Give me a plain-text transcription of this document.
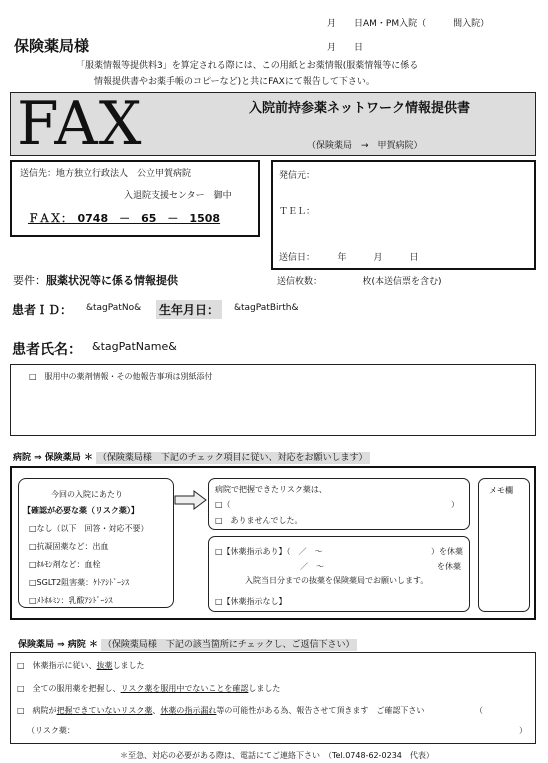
月　　日AM・PM入院（　　　間入院）
月　　日
保険薬局様
「服薬情報等提供料3」を算定される際には、この用紙とお薬情報(服薬情報等に係る
情報提供書やお薬手帳のコピーなど)と共にFAXにて報告して下さい。
FAX	入院前持参薬ネットワーク情報提供書
（保険薬局　→　甲賀病院）
送信先：地方独立行政法人　公立甲賀病院
入退院支援センター　御中
ＦＡＸ：　0748　－　65　－　1508
発信元：
ＴＥＬ：
送信日：　　　年　　　月　　　日
送信枚数：　　　　　枚(本送信票を含む)
要件：服薬状況等に係る情報提供
患者ＩＤ： &tagPatNo& 生年月日：	&tagPatBirth&
患者氏名： &tagPatName&
□　服用中の薬剤情報・その他報告事項は別紙添付
病院 ⇒ 保険薬局 ＊ （保険薬局様　下記のチェック項目に従い、対応をお願いします）
今回の入院にあたり
【確認が必要な薬（リスク薬）】
□なし（以下　回答・対応不要）
□抗凝固薬など：出血
□ﾎﾙﾓﾝ剤など：血栓
□SGLT2阻害薬：ｹﾄｱｼﾄﾞｰｼｽ
□ﾒﾄﾎﾙﾐﾝ：乳酸ｱｼﾄﾞｰｼｽ
病院で把握できたリスク薬は、
□（	）
□　ありませんでした。
□【休薬指示あり】（　／　～	）を休薬
／　～	を休薬
入院当日分までの抜薬を保険薬局でお願いします。
□【休薬指示なし】
メモ欄
保険薬局 ⇒ 病院 ＊ （保険薬局様　下記の該当箇所にチェックし、ご返信下さい）
□　休薬指示に従い、抜薬しました
□　全ての服用薬を把握し、リスク薬を服用中でないことを確認しました
□　病院が把握できていないリスク薬、休薬の指示漏れ等の可能性がある為、報告させて頂きます　ご確認下さい	（
（リスク薬：	）
＊至急、対応の必要がある際は、電話にてご連絡下さい　（Tel.0748-62-0234　代表）
